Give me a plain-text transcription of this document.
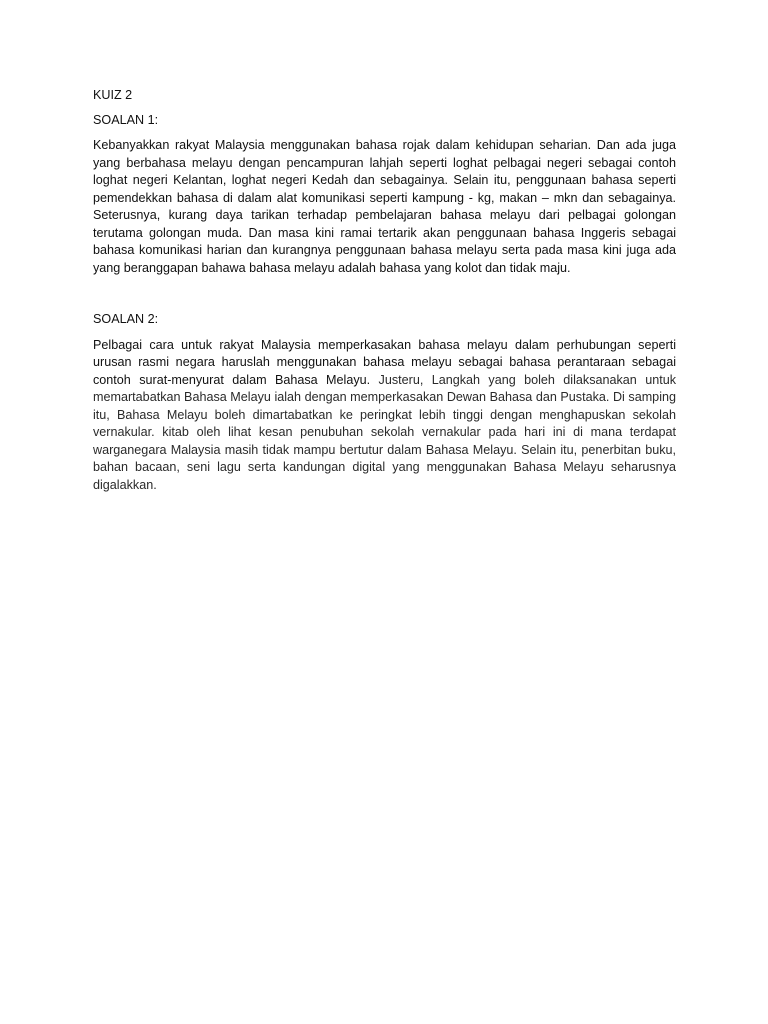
KUIZ 2

SOALAN 1:

Kebanyakkan rakyat Malaysia menggunakan bahasa rojak dalam kehidupan seharian. Dan ada juga yang berbahasa melayu dengan pencampuran lahjah seperti loghat pelbagai negeri sebagai contoh loghat negeri Kelantan, loghat negeri Kedah dan sebagainya. Selain itu, penggunaan bahasa seperti pemendekkan bahasa di dalam alat komunikasi seperti kampung - kg, makan – mkn dan sebagainya. Seterusnya, kurang daya tarikan terhadap pembelajaran bahasa melayu dari pelbagai golongan terutama golongan muda. Dan masa kini ramai tertarik akan penggunaan bahasa Inggeris sebagai bahasa komunikasi harian dan kurangnya penggunaan bahasa melayu serta pada masa kini juga ada yang beranggapan bahawa bahasa melayu adalah bahasa yang kolot dan tidak maju.

SOALAN 2:

Pelbagai cara untuk rakyat Malaysia memperkasakan bahasa melayu dalam perhubungan seperti urusan rasmi negara haruslah menggunakan bahasa melayu sebagai bahasa perantaraan sebagai contoh surat-menyurat dalam Bahasa Melayu. Justeru, Langkah yang boleh dilaksanakan untuk memartabatkan Bahasa Melayu ialah dengan memperkasakan Dewan Bahasa dan Pustaka. Di samping itu, Bahasa Melayu boleh dimartabatkan ke peringkat lebih tinggi dengan menghapuskan sekolah vernakular. kitab oleh lihat kesan penubuhan sekolah vernakular pada hari ini di mana terdapat warganegara Malaysia masih tidak mampu bertutur dalam Bahasa Melayu. Selain itu, penerbitan buku, bahan bacaan, seni lagu serta kandungan digital yang menggunakan Bahasa Melayu seharusnya digalakkan.
